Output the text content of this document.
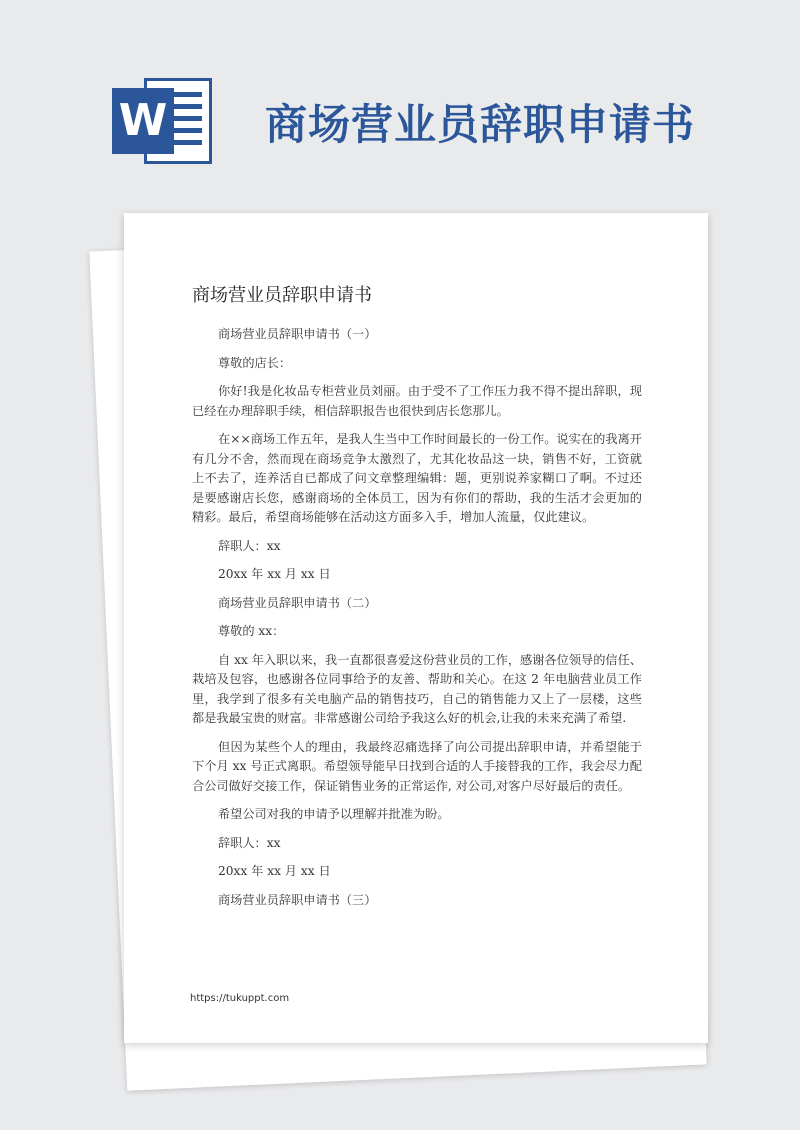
W 商场营业员辞职申请书
商场营业员辞职申请书

商场营业员辞职申请书（一）

尊敬的店长：

你好!我是化妆品专柜营业员刘丽。由于受不了工作压力我不得不提出辞职，现已经在办理辞职手续，相信辞职报告也很快到店长您那儿。

在××商场工作五年，是我人生当中工作时间最长的一份工作。说实在的我离开有几分不舍，然而现在商场竞争太激烈了，尤其化妆品这一块，销售不好，工资就上不去了，连养活自已都成了问文章整理编辑：题，更别说养家糊口了啊。不过还是要感谢店长您，感谢商场的全体员工，因为有你们的帮助，我的生活才会更加的精彩。最后，希望商场能够在活动这方面多入手，增加人流量，仅此建议。

辞职人：xx

20xx 年 xx 月 xx 日

商场营业员辞职申请书（二）

尊敬的 xx：

自 xx 年入职以来，我一直都很喜爱这份营业员的工作，感谢各位领导的信任、栽培及包容，也感谢各位同事给予的友善、帮助和关心。在这 2 年电脑营业员工作里，我学到了很多有关电脑产品的销售技巧，自己的销售能力又上了一层楼，这些都是我最宝贵的财富。非常感谢公司给予我这么好的机会,让我的未来充满了希望.

但因为某些个人的理由，我最终忍痛选择了向公司提出辞职申请，并希望能于下个月 xx 号正式离职。希望领导能早日找到合适的人手接替我的工作，我会尽力配合公司做好交接工作，保证销售业务的正常运作, 对公司,对客户尽好最后的责任。

希望公司对我的申请予以理解并批准为盼。

辞职人：xx

20xx 年 xx 月 xx 日

商场营业员辞职申请书（三）

https://tukuppt.com
